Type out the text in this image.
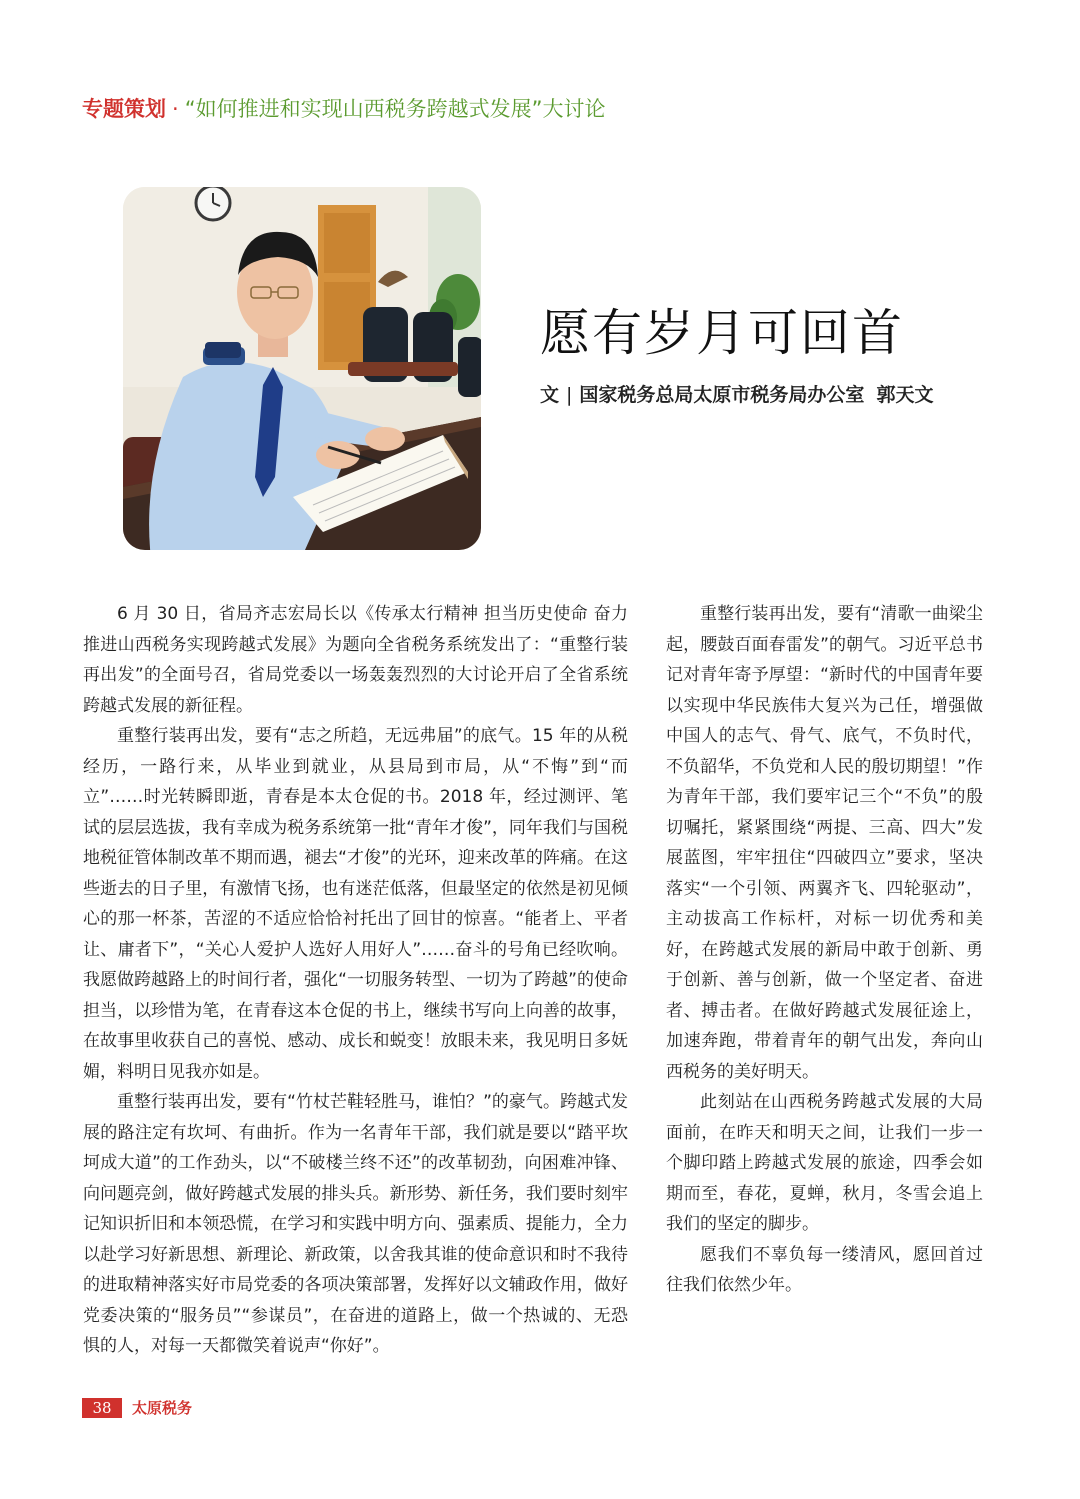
专题策划 · “如何推进和实现山西税务跨越式发展”大讨论
愿有岁月可回首
文 | 国家税务总局太原市税务局办公室 郭天文

6 月 30 日，省局齐志宏局长以《传承太行精神 担当历史使命 奋力推进山西税务实现跨越式发展》为题向全省税务系统发出了：“重整行装再出发”的全面号召，省局党委以一场轰轰烈烈的大讨论开启了全省系统跨越式发展的新征程。

重整行装再出发，要有“志之所趋，无远弗届”的底气。15 年的从税经历，一路行来，从毕业到就业，从县局到市局，从“不悔”到“而立”……时光转瞬即逝，青春是本太仓促的书。2018 年，经过测评、笔试的层层选拔，我有幸成为税务系统第一批“青年才俊”，同年我们与国税地税征管体制改革不期而遇，褪去“才俊”的光环，迎来改革的阵痛。在这些逝去的日子里，有激情飞扬，也有迷茫低落，但最坚定的依然是初见倾心的那一杯茶，苦涩的不适应恰恰衬托出了回甘的惊喜。“能者上、平者让、庸者下”，“关心人爱护人选好人用好人”……奋斗的号角已经吹响。我愿做跨越路上的时间行者，强化“一切服务转型、一切为了跨越”的使命担当，以珍惜为笔，在青春这本仓促的书上，继续书写向上向善的故事，在故事里收获自己的喜悦、感动、成长和蜕变！放眼未来，我见明日多妩媚，料明日见我亦如是。

重整行装再出发，要有“竹杖芒鞋轻胜马，谁怕？”的豪气。跨越式发展的路注定有坎坷、有曲折。作为一名青年干部，我们就是要以“踏平坎坷成大道”的工作劲头，以“不破楼兰终不还”的改革韧劲，向困难冲锋、向问题亮剑，做好跨越式发展的排头兵。新形势、新任务，我们要时刻牢记知识折旧和本领恐慌，在学习和实践中明方向、强素质、提能力，全力以赴学习好新思想、新理论、新政策，以舍我其谁的使命意识和时不我待的进取精神落实好市局党委的各项决策部署，发挥好以文辅政作用，做好党委决策的“服务员”“参谋员”，在奋进的道路上，做一个热诚的、无恐惧的人，对每一天都微笑着说声“你好”。

重整行装再出发，要有“清歌一曲梁尘起，腰鼓百面春雷发”的朝气。习近平总书记对青年寄予厚望：“新时代的中国青年要以实现中华民族伟大复兴为己任，增强做中国人的志气、骨气、底气，不负时代，不负韶华，不负党和人民的殷切期望！”作为青年干部，我们要牢记三个“不负”的殷切嘱托，紧紧围绕“两提、三高、四大”发展蓝图，牢牢扭住“四破四立”要求，坚决落实“一个引领、两翼齐飞、四轮驱动”，主动拔高工作标杆，对标一切优秀和美好，在跨越式发展的新局中敢于创新、勇于创新、善与创新，做一个坚定者、奋进者、搏击者。在做好跨越式发展征途上，加速奔跑，带着青年的朝气出发，奔向山西税务的美好明天。

此刻站在山西税务跨越式发展的大局面前，在昨天和明天之间，让我们一步一个脚印踏上跨越式发展的旅途，四季会如期而至，春花，夏蝉，秋月，冬雪会追上我们的坚定的脚步。

愿我们不辜负每一缕清风，愿回首过往我们依然少年。

38	太原税务
